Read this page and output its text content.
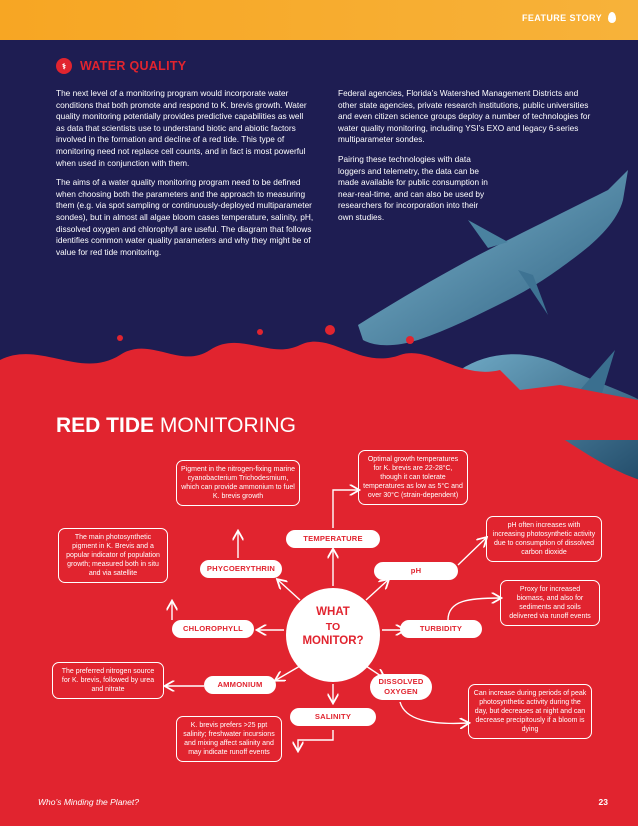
FEATURE STORY
⚕	WATER QUALITY

The next level of a monitoring program would incorporate water conditions that both promote and respond to K. brevis growth. Water quality monitoring potentially provides predictive capabilities as well as data that scientists use to understand biotic and abiotic factors involved in the formation and decline of a red tide. This type of monitoring need not replace cell counts, and in fact is most powerful when used in conjunction with them.

The aims of a water quality monitoring program need to be defined when choosing both the parameters and the approach to measuring them (e.g. via spot sampling or continuously-deployed multiparameter sondes), but in almost all algae bloom cases temperature, salinity, pH, dissolved oxygen and chlorophyll are useful. The diagram that follows identifies common water quality parameters and why they might be of value for red tide monitoring.

Federal agencies, Florida’s Watershed Management Districts and other state agencies, private research institutions, public universities and even citizen science groups deploy a number of technologies for water quality monitoring, including YSI’s EXO and legacy 6-series multiparameter sondes.

Pairing these technologies with data loggers and telemetry, the data can be made available for public consumption in near-real-time, and can also be used by researchers for incorporation into their own studies.

RED TIDE MONITORING
WHAT
TO
MONITOR?
TEMPERATURE
PHYCOERYTHRIN	pH
CHLOROPHYLL	TURBIDITY
AMMONIUM	DISSOLVED
OXYGEN
SALINITY
Pigment in the nitrogen-fixing marine cyanobacterium Trichodesmium, which can provide ammonium to fuel K. brevis growth
Optimal growth temperatures for K. brevis are 22-28°C, though it can tolerate temperatures as low as 5°C and over 30°C (strain-dependent)
The main photosynthetic pigment in K. Brevis and a popular indicator of population growth; measured both in situ and via satellite
pH often increases with increasing photosynthetic activity due to consumption of dissolved carbon dioxide
Proxy for increased biomass, and also for sediments and soils delivered via runoff events
The preferred nitrogen source for K. brevis, followed by urea and nitrate
Can increase during periods of peak photosynthetic activity during the day, but decreases at night and can decrease precipitously if a bloom is dying
K. brevis prefers >25 ppt salinity; freshwater incursions and mixing affect salinity and may indicate runoff events
Who’s Minding the Planet?	23
